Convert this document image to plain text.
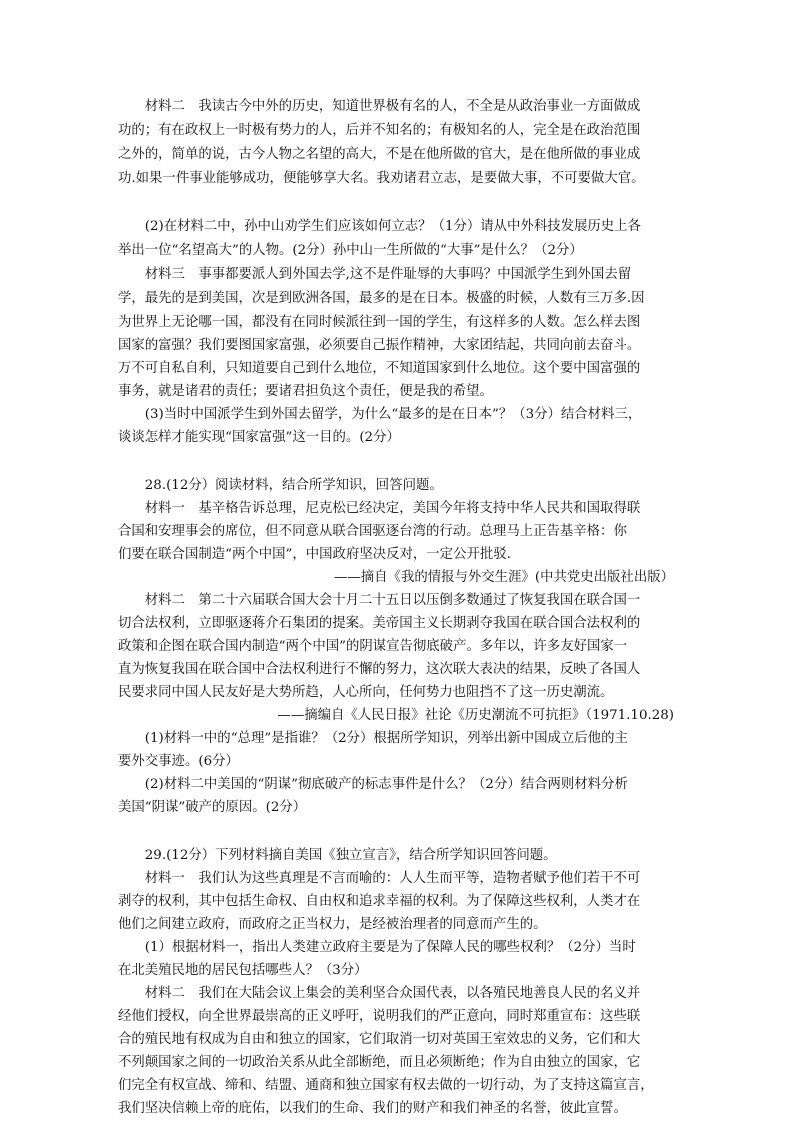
　　材料二　我读古今中外的历史，知道世界极有名的人，不全是从政治事业一方面做成
功的；有在政权上一时极有势力的人，后并不知名的；有极知名的人，完全是在政治范围
之外的，简单的说，古今人物之名望的高大，不是在他所做的官大，是在他所做的事业成
功.如果一件事业能够成功，便能够享大名。我劝诸君立志，是要做大事，不可要做大官。
　　(2)在材料二中，孙中山劝学生们应该如何立志？（1分）请从中外科技发展历史上各
举出一位“名望高大”的人物。(2分）孙中山一生所做的“大事”是什么？（2分）
　　材料三　事事都要派人到外国去学,这不是件耻辱的大事吗？中国派学生到外国去留
学，最先的是到美国，次是到欧洲各国，最多的是在日本。极盛的时候，人数有三万多.因
为世界上无论哪一国，都没有在同时候派往到一国的学生，有这样多的人数。怎么样去图
国家的富强？我们要图国家富强，必须要自己振作精神，大家团结起，共同向前去奋斗。
万不可自私自利，只知道要自己到什么地位，不知道国家到什么地位。这个要中国富强的
事务，就是诸君的责任；要诸君担负这个责任，便是我的希望。
　　(3)当时中国派学生到外国去留学，为什么“最多的是在日本”？（3分）结合材料三，
谈谈怎样才能实现“国家富强”这一目的。(2分）
　　28.(12分）阅读材料，结合所学知识，回答问题。
　　材料一　基辛格告诉总理，尼克松已经决定，美国今年将支持中华人民共和国取得联
合国和安理事会的席位，但不同意从联合国驱逐台湾的行动。总理马上正告基辛格：你
们要在联合国制造“两个中国”，中国政府坚决反对，一定公开批驳.
——摘自《我的情报与外交生涯》(中共党史出版社出版）
　　材料二　第二十六届联合国大会十月二十五日以压倒多数通过了恢复我国在联合国一
切合法权利，立即驱逐蒋介石集团的提案。美帝国主义长期剥夺我国在联合国合法权利的
政策和企图在联合国内制造“两个中国”的阴谋宣告彻底破产。多年以，许多友好国家一
直为恢复我国在联合国中合法权利进行不懈的努力，这次联大表决的结果，反映了各国人
民要求同中国人民友好是大势所趋，人心所向，任何势力也阻挡不了这一历史潮流。
——摘编自《人民日报》社论《历史潮流不可抗拒》（1971.10.28)
　　(1)材料一中的“总理”是指谁？（2分）根据所学知识，列举出新中国成立后他的主
要外交事迹。(6分）
　　(2)材料二中美国的“阴谋”彻底破产的标志事件是什么？（2分）结合两则材料分析
美国“阴谋”破产的原因。(2分）
　　29.(12分）下列材料摘自美国《独立宣言》，结合所学知识回答问题。
　　材料一　我们认为这些真理是不言而喻的：人人生而平等，造物者赋予他们若干不可
剥夺的权利，其中包括生命权、自由权和追求幸福的权利。为了保障这些权利，人类才在
他们之间建立政府，而政府之正当权力，是经被治理者的同意而产生的。
　　(1）根据材料一，指出人类建立政府主要是为了保障人民的哪些权利？（2分）当时
在北美殖民地的居民包括哪些人？（3分）
　　材料二　我们在大陆会议上集会的美利坚合众国代表，以各殖民地善良人民的名义并
经他们授权，向全世界最崇高的正义呼吁，说明我们的严正意向，同时郑重宣布：这些联
合的殖民地有权成为自由和独立的国家，它们取消一切对英国王室效忠的义务，它们和大
不列颠国家之间的一切政治关系从此全部断绝，而且必须断绝；作为自由独立的国家，它
们完全有权宣战、缔和、结盟、通商和独立国家有权去做的一切行动，为了支持这篇宣言，
我们坚决信赖上帝的庇佑，以我们的生命、我们的财产和我们神圣的名誉，彼此宣誓。
